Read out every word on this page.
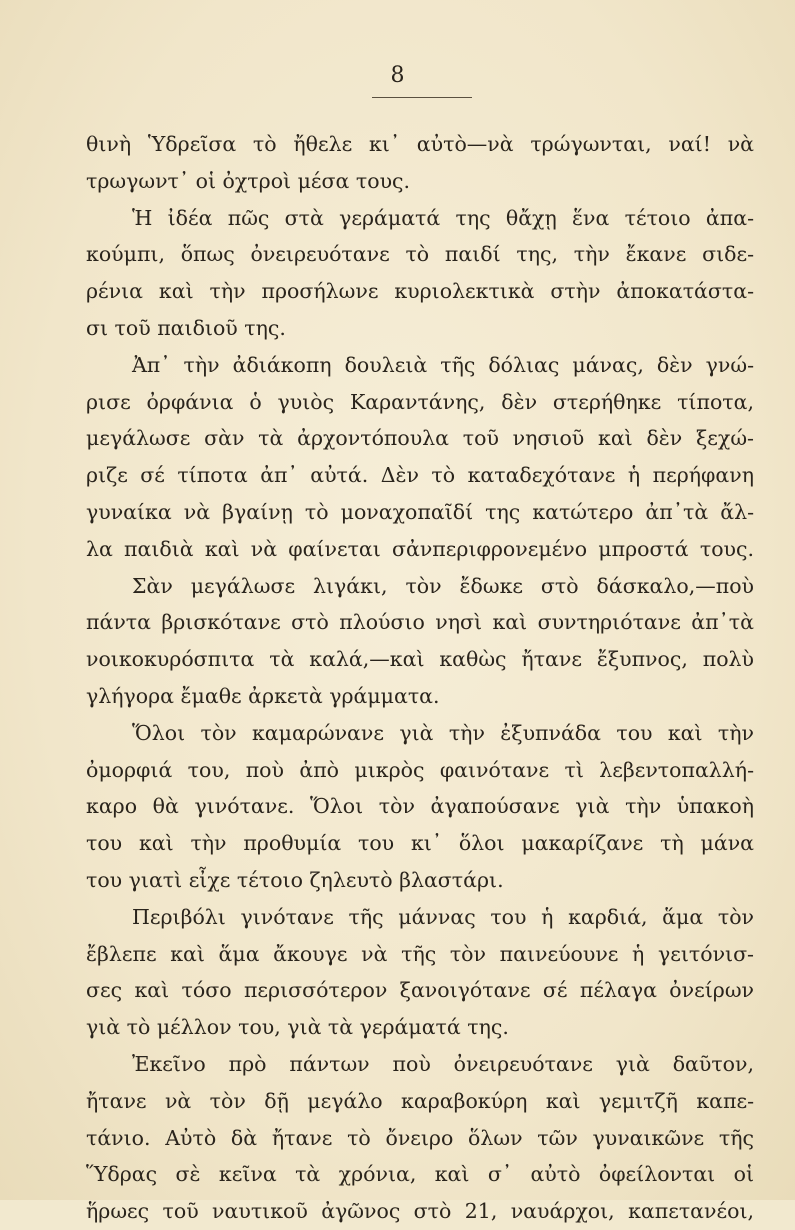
8
θινὴ Ὑδρεῖσα τὸ ἤθελε κι᾿ αὐτὸ—νὰ τρώγωνται, ναί! νὰ
τρωγωντ᾿ οἱ ὀχτροὶ μέσα τους.
Ἡ ἰδέα πῶς στὰ γεράματά της θἄχῃ ἕνα τέτοιο ἀπα-
κούμπι, ὅπως ὀνειρευότανε τὸ παιδί της, τὴν ἔκανε σιδε-
ρένια καὶ τὴν προσήλωνε κυριολεκτικὰ στὴν ἀποκατάστα-
σι τοῦ παιδιοῦ της.
Ἀπ᾿ τὴν ἀδιάκοπη δουλειὰ τῆς δόλιας μάνας, δὲν γνώ-
ρισε ὀρφάνια ὁ γυιὸς Καραντάνης, δὲν στερήθηκε τίποτα,
μεγάλωσε σὰν τὰ ἀρχοντόπουλα τοῦ νησιοῦ καὶ δὲν ξεχώ-
ριζε σέ τίποτα ἀπ᾿ αὐτά. Δὲν τὸ καταδεχότανε ἡ περήφανη
γυναίκα νὰ βγαίνῃ τὸ μοναχοπαῖδί της κατώτερο ἀπ᾿τὰ ἄλ-
λα παιδιὰ καὶ νὰ φαίνεται σἀνπεριφρονεμένο μπροστά τους.
Σὰν μεγάλωσε λιγάκι, τὸν ἔδωκε στὸ δάσκαλο,—ποὺ
πάντα βρισκότανε στὸ πλούσιο νησὶ καὶ συντηριότανε ἀπ᾿τὰ
νοικοκυρόσπιτα τὰ καλά,—καὶ καθὼς ἤτανε ἔξυπνος, πολὺ
γλήγορα ἔμαθε ἀρκετὰ γράμματα.
Ὅλοι τὸν καμαρώνανε γιὰ τὴν ἐξυπνάδα του καὶ τὴν
ὀμορφιά του, ποὺ ἀπὸ μικρὸς φαινότανε τὶ λεβεντοπαλλή-
καρο θὰ γινότανε. Ὅλοι τὸν ἀγαπούσανε γιὰ τὴν ὑπακοὴ
του καὶ τὴν προθυμία του κι᾿ ὅλοι μακαρίζανε τὴ μάνα
του γιατὶ εἶχε τέτοιο ζηλευτὸ βλαστάρι.
Περιβόλι γινότανε τῆς μάννας του ἡ καρδιά, ἅμα τὸν
ἔβλεπε καὶ ἅμα ἄκουγε νὰ τῆς τὸν παινεύουνε ἡ γειτόνισ-
σες καὶ τόσο περισσότερον ξανοιγότανε σέ πέλαγα ὀνείρων
γιὰ τὸ μέλλον του, γιὰ τὰ γεράματά της.
Ἐκεῖνο πρὸ πάντων ποὺ ὀνειρευότανε γιὰ δαῦτον,
ἤτανε νὰ τὸν δῇ μεγάλο καραβοκύρη καὶ γεμιτζῆ καπε-
τάνιο. Αὐτὸ δὰ ἤτανε τὸ ὄνειρο ὅλων τῶν γυναικῶνε τῆς
Ὕδρας σὲ κεῖνα τὰ χρόνια, καὶ σ᾿ αὐτὸ ὀφείλονται οἱ
ἥρωες τοῦ ναυτικοῦ ἀγῶνος στὸ 21, ναυάρχοι, καπετανέοι,
